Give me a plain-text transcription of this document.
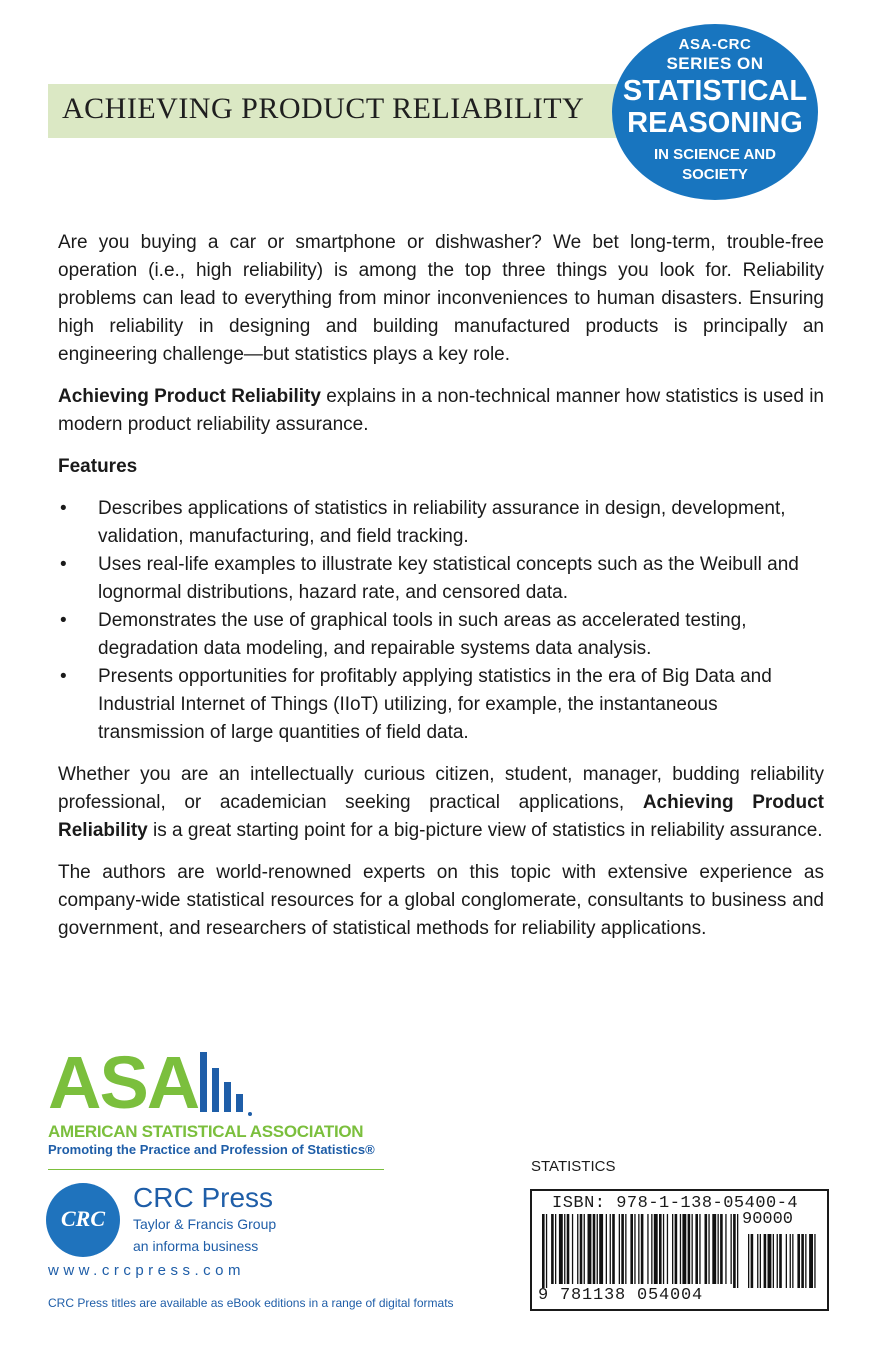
ACHIEVING PRODUCT RELIABILITY
ASA-CRC
SERIES ON
STATISTICAL
REASONING
IN SCIENCE AND
SOCIETY

Are you buying a car or smartphone or dishwasher? We bet long-term, trouble-free operation (i.e., high reliability) is among the top three things you look for. Reliability problems can lead to everything from minor inconveniences to human disasters. Ensuring high reliability in designing and building manufactured products is principally an engineering challenge—but statistics plays a key role.

Achieving Product Reliability explains in a non-technical manner how statistics is used in modern product reliability assurance.

Features
• Describes applications of statistics in reliability assurance in design, development, validation, manufacturing, and field tracking.
• Uses real-life examples to illustrate key statistical concepts such as the Weibull and lognormal distributions, hazard rate, and censored data.
• Demonstrates the use of graphical tools in such areas as accelerated testing, degradation data modeling, and repairable systems data analysis.
• Presents opportunities for profitably applying statistics in the era of Big Data and Industrial Internet of Things (IIoT) utilizing, for example, the instantaneous transmission of large quantities of field data.

Whether you are an intellectually curious citizen, student, manager, budding reliability professional, or academician seeking practical applications, Achieving Product Reliability is a great starting point for a big-picture view of statistics in reliability assurance.

The authors are world-renowned experts on this topic with extensive experience as company-wide statistical resources for a global conglomerate, consultants to business and government, and researchers of statistical methods for reliability applications.

ASA
AMERICAN STATISTICAL ASSOCIATION
Promoting the Practice and Profession of Statistics®
CRC
CRC Press
Taylor & Francis Group
an informa business
www.crcpress.com
CRC Press titles are available as eBook editions in a range of digital formats
STATISTICS
ISBN: 978-1-138-05400-4
90000
9 781138 054004
